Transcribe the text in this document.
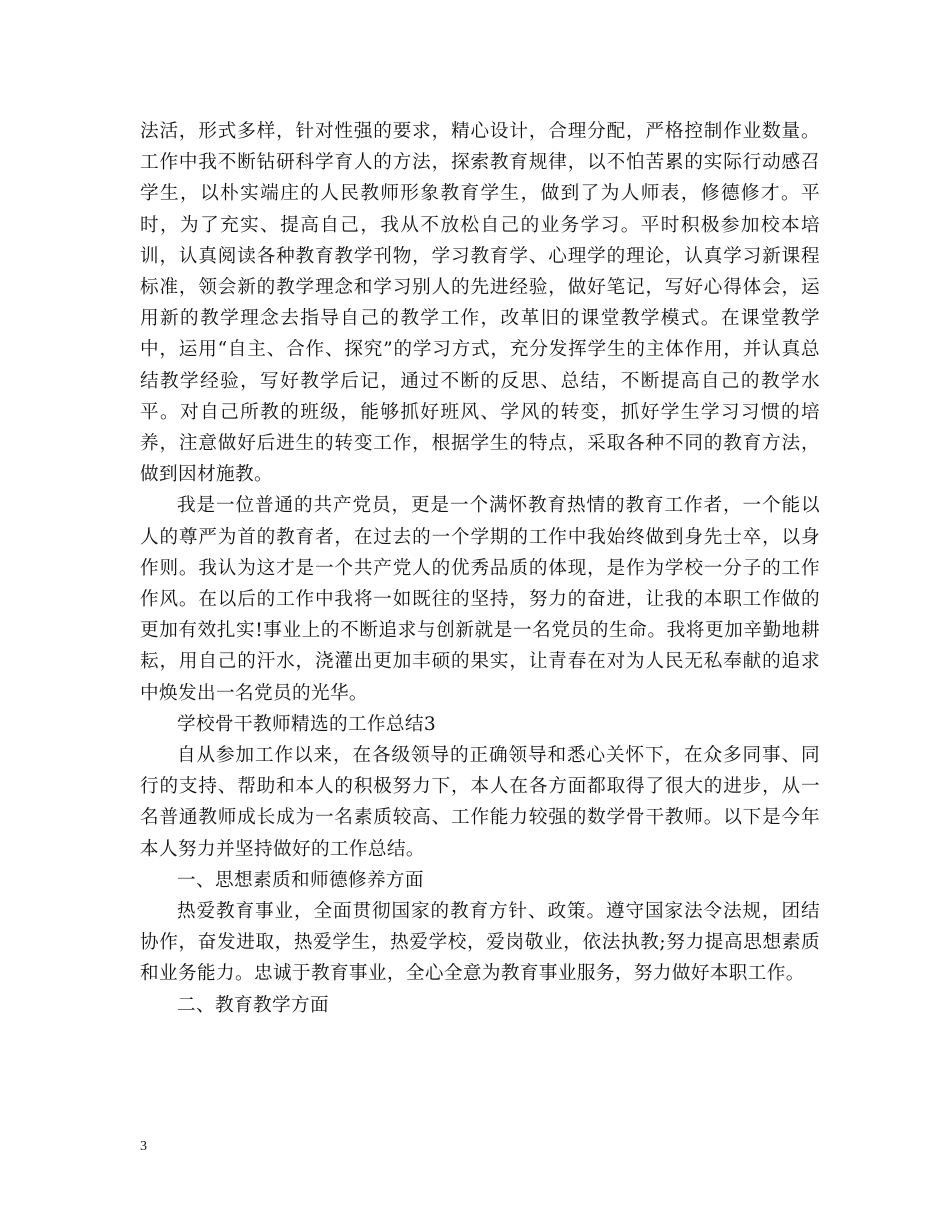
法活，形式多样，针对性强的要求，精心设计，合理分配，严格控制作业数量。工作中我不断钻研科学育人的方法，探索教育规律，以不怕苦累的实际行动感召学生，以朴实端庄的人民教师形象教育学生，做到了为人师表，修德修才。平时，为了充实、提高自己，我从不放松自己的业务学习。平时积极参加校本培训，认真阅读各种教育教学刊物，学习教育学、心理学的理论，认真学习新课程标准，领会新的教学理念和学习别人的先进经验，做好笔记，写好心得体会，运用新的教学理念去指导自己的教学工作，改革旧的课堂教学模式。在课堂教学中，运用“自主、合作、探究”的学习方式，充分发挥学生的主体作用，并认真总结教学经验，写好教学后记，通过不断的反思、总结，不断提高自己的教学水平。对自己所教的班级，能够抓好班风、学风的转变，抓好学生学习习惯的培养，注意做好后进生的转变工作，根据学生的特点，采取各种不同的教育方法，做到因材施教。

我是一位普通的共产党员，更是一个满怀教育热情的教育工作者，一个能以人的尊严为首的教育者，在过去的一个学期的工作中我始终做到身先士卒，以身作则。我认为这才是一个共产党人的优秀品质的体现，是作为学校一分子的工作作风。在以后的工作中我将一如既往的坚持，努力的奋进，让我的本职工作做的更加有效扎实!事业上的不断追求与创新就是一名党员的生命。我将更加辛勤地耕耘，用自己的汗水，浇灌出更加丰硕的果实，让青春在对为人民无私奉献的追求中焕发出一名党员的光华。

学校骨干教师精选的工作总结3

自从参加工作以来，在各级领导的正确领导和悉心关怀下，在众多同事、同行的支持、帮助和本人的积极努力下，本人在各方面都取得了很大的进步，从一名普通教师成长成为一名素质较高、工作能力较强的数学骨干教师。以下是今年本人努力并坚持做好的工作总结。

一、思想素质和师德修养方面

热爱教育事业，全面贯彻国家的教育方针、政策。遵守国家法令法规，团结协作，奋发进取，热爱学生，热爱学校，爱岗敬业，依法执教;努力提高思想素质和业务能力。忠诚于教育事业，全心全意为教育事业服务，努力做好本职工作。

二、教育教学方面

3
